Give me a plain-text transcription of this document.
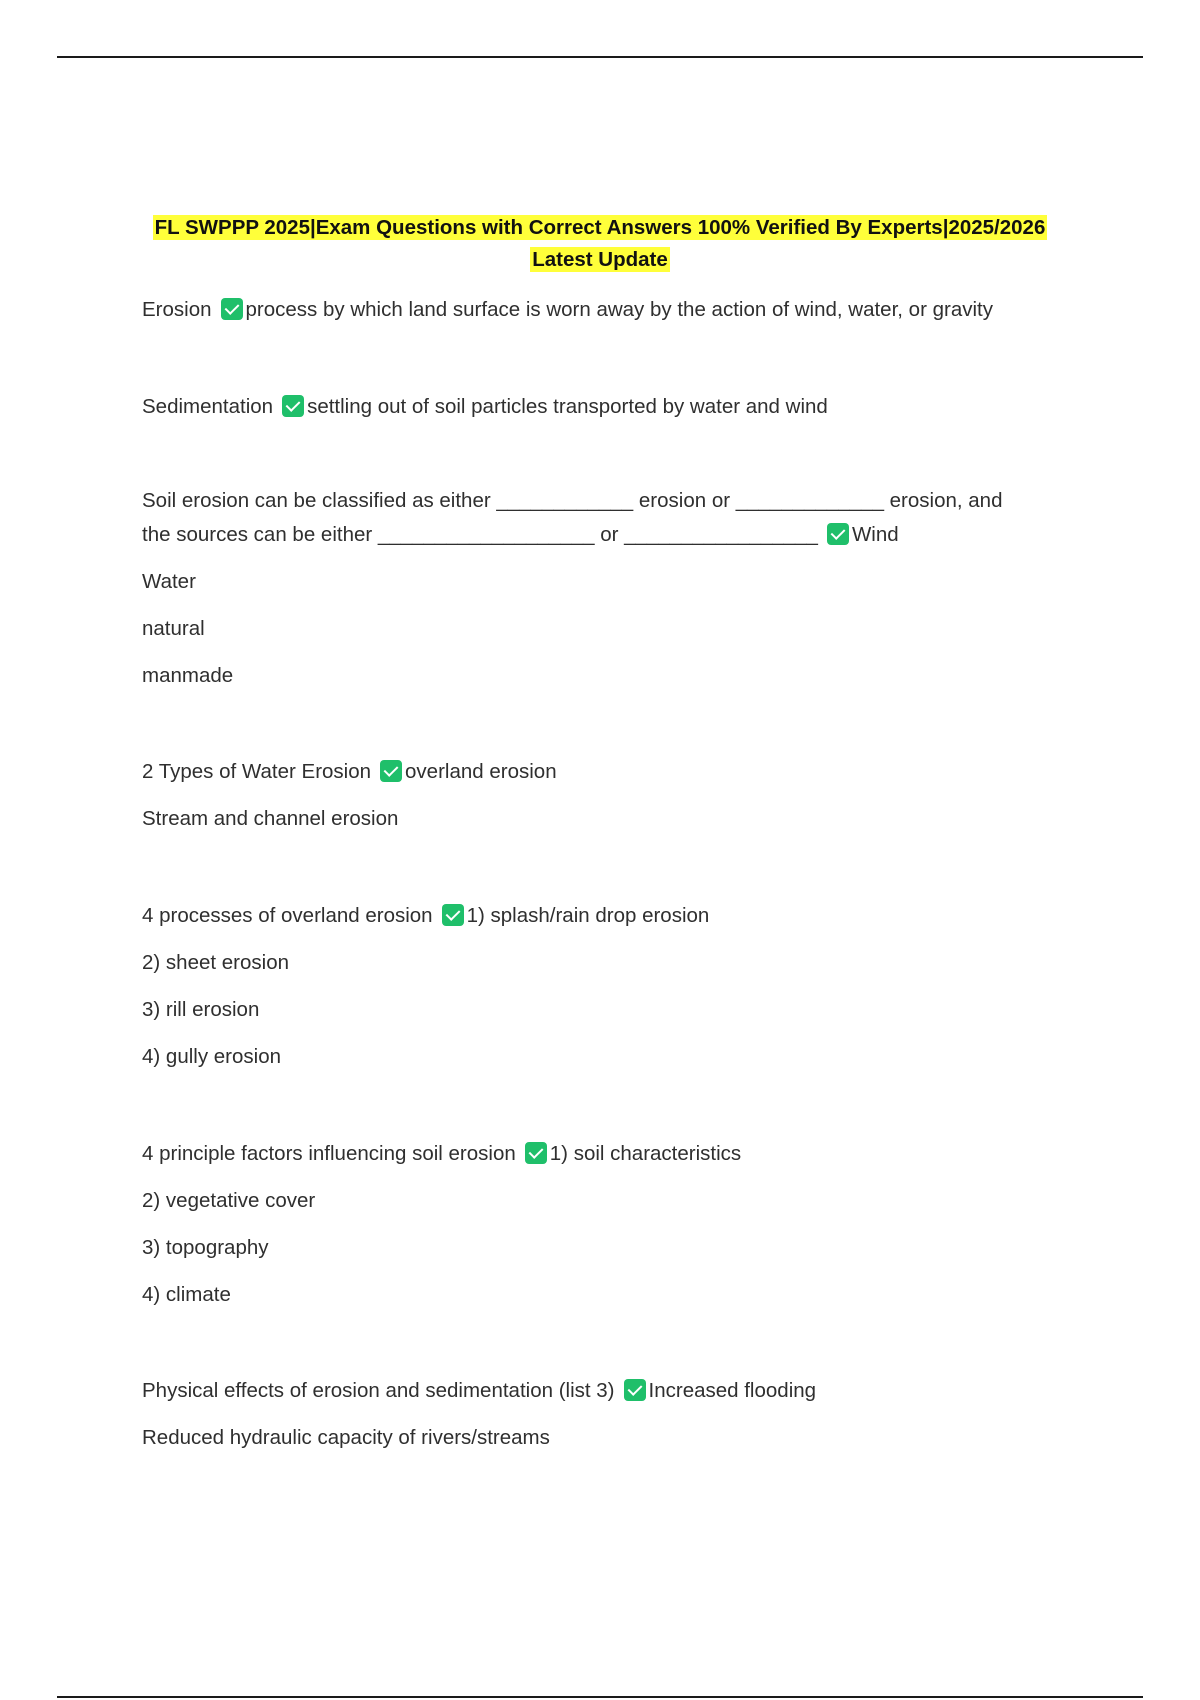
FL SWPPP 2025|Exam Questions with Correct Answers 100% Verified By Experts|2025/2026
Latest Update
Erosion process by which land surface is worn away by the action of wind, water, or gravity
Sedimentation settling out of soil particles transported by water and wind
Soil erosion can be classified as either ____________ erosion or _____________ erosion, and
the sources can be either ___________________ or _________________ Wind
Water
natural
manmade
2 Types of Water Erosion overland erosion
Stream and channel erosion
4 processes of overland erosion 1) splash/rain drop erosion
2) sheet erosion
3) rill erosion
4) gully erosion
4 principle factors influencing soil erosion 1) soil characteristics
2) vegetative cover
3) topography
4) climate
Physical effects of erosion and sedimentation (list 3) Increased flooding
Reduced hydraulic capacity of rivers/streams
